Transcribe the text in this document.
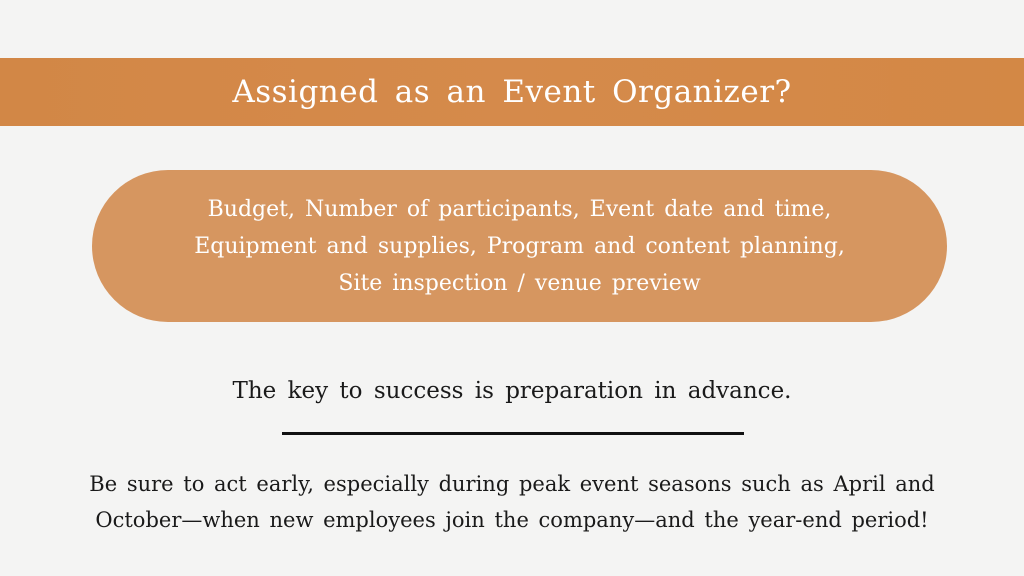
Assigned as an Event Organizer?
Budget, Number of participants, Event date and time,
Equipment and supplies, Program and content planning,
Site inspection / venue preview
The key to success is preparation in advance.
Be sure to act early, especially during peak event seasons such as April and
October—when new employees join the company—and the year-end period!
